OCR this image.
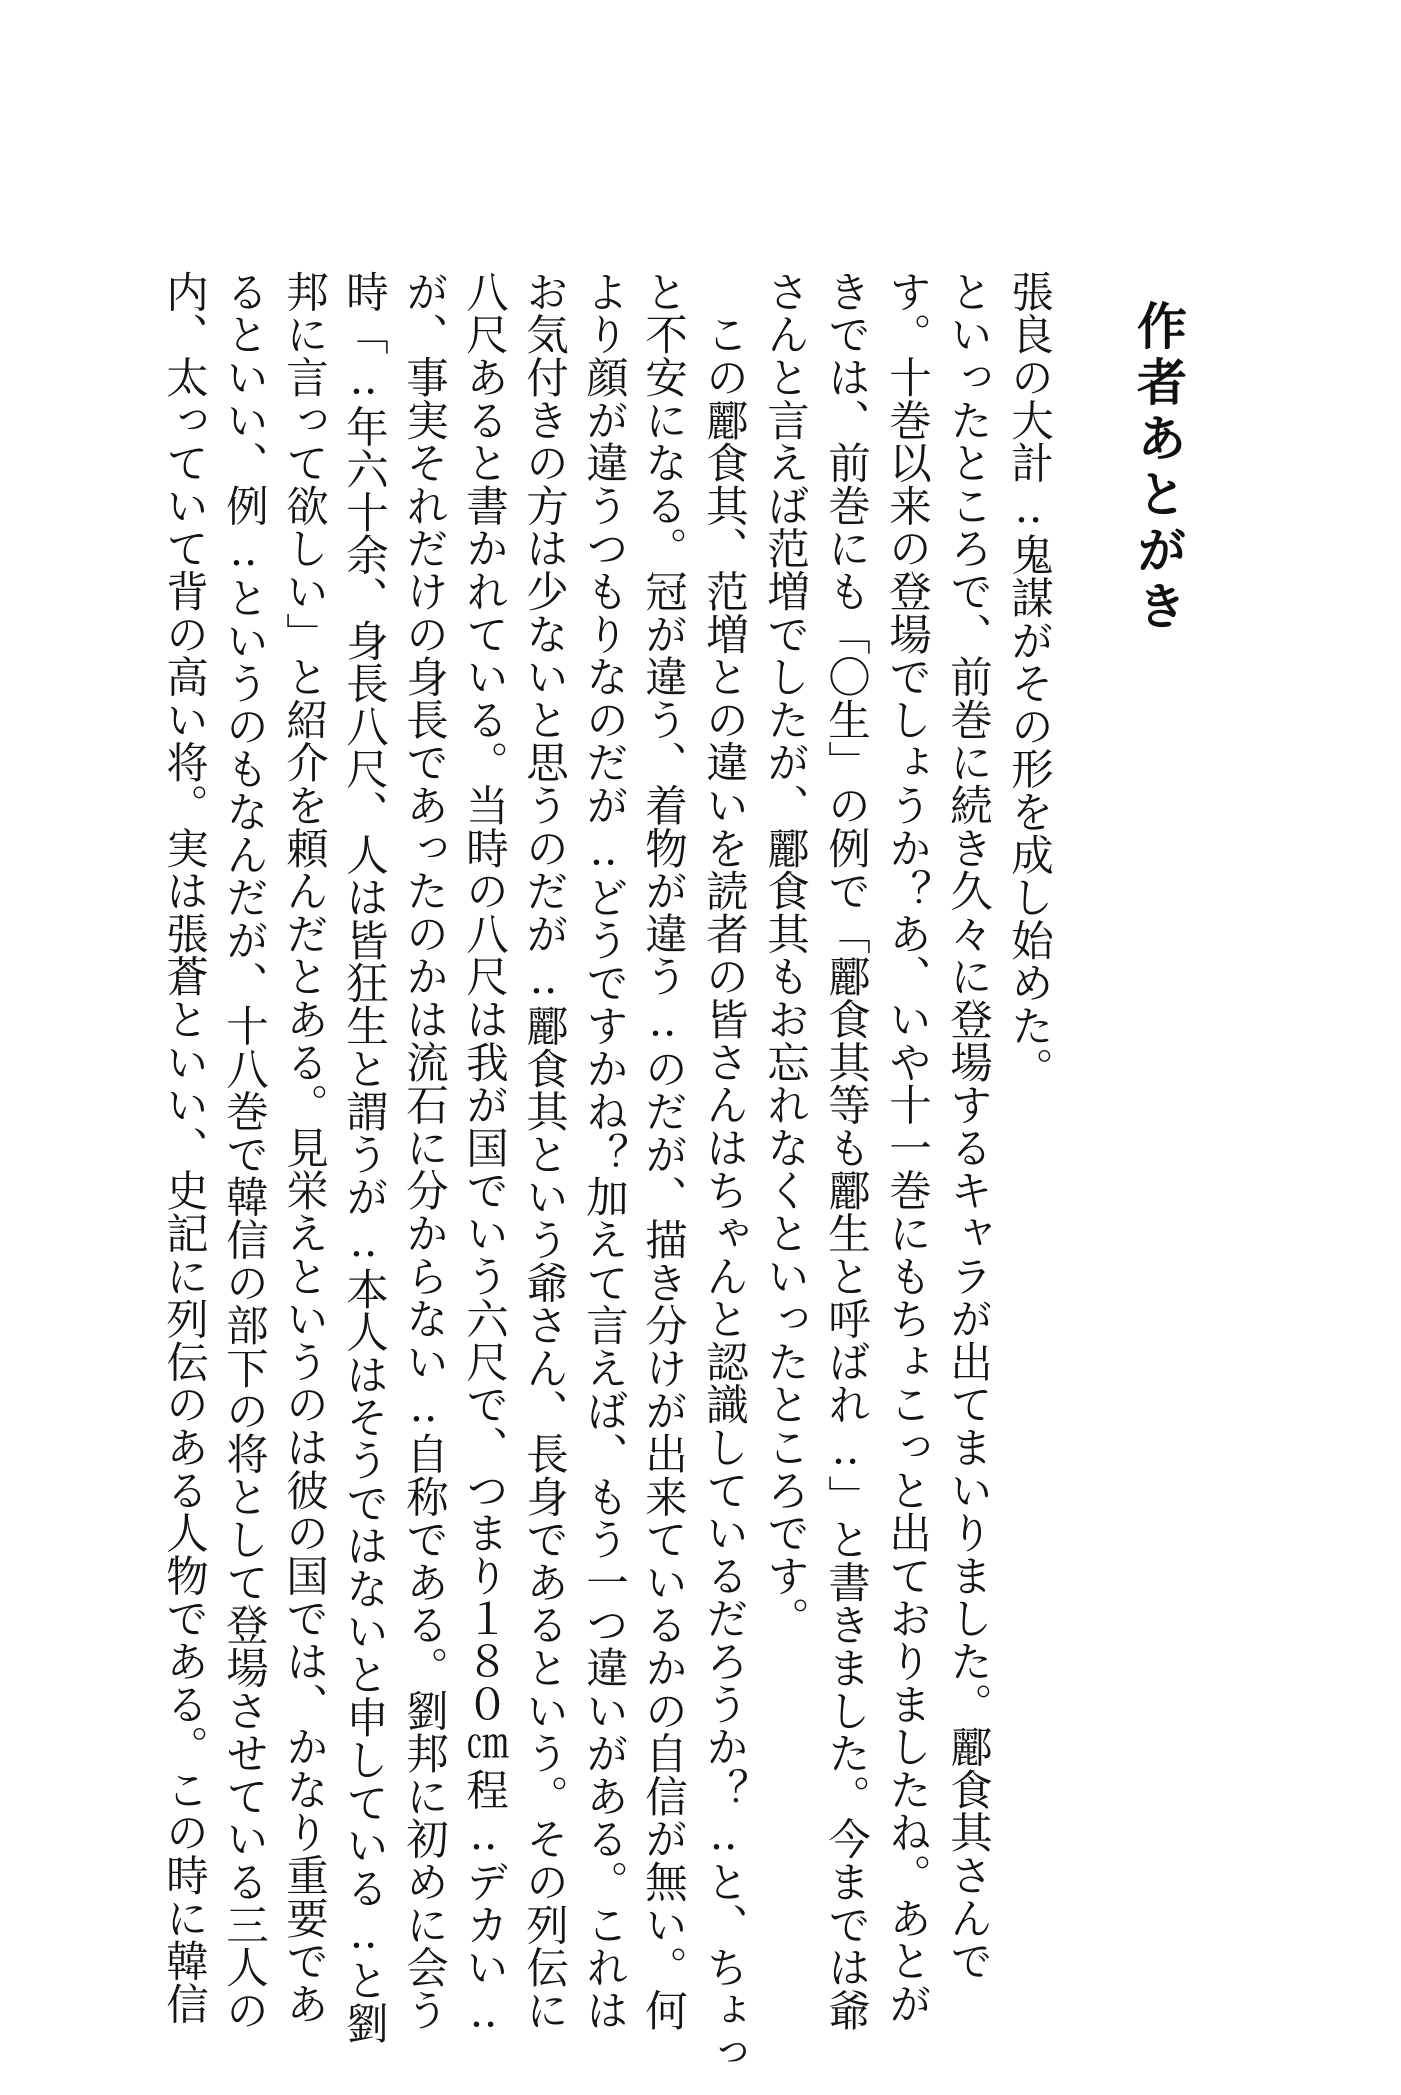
作者あとがき
張良の大計‥鬼謀がその形を成し始めた。
といったところで、前巻に続き久々に登場するキャラが出てまいりました。酈食其さんで
す。十巻以来の登場でしょうか？あ、いや十一巻にもちょこっと出ておりましたね。あとが
きでは、前巻にも「〇生」の例で「酈食其等も酈生と呼ばれ‥」と書きました。今までは爺
さんと言えば范増でしたが、酈食其もお忘れなくといったところです。
　この酈食其、范増との違いを読者の皆さんはちゃんと認識しているだろうか？‥と、ちょっ
と不安になる。冠が違う、着物が違う‥のだが、描き分けが出来ているかの自信が無い。何
より顔が違うつもりなのだが‥どうですかね？加えて言えば、もう一つ違いがある。これは
お気付きの方は少ないと思うのだが‥酈食其という爺さん、長身であるという。その列伝に
八尺あると書かれている。当時の八尺は我が国でいう六尺で、つまり１８０㎝程‥デカい‥
が、事実それだけの身長であったのかは流石に分からない‥自称である。劉邦に初めに会う
時「‥年六十余、身長八尺、人は皆狂生と謂うが‥本人はそうではないと申している‥と劉
邦に言って欲しい」と紹介を頼んだとある。見栄えというのは彼の国では、かなり重要であ
るといい、例‥というのもなんだが、十八巻で韓信の部下の将として登場させている三人の
内、太っていて背の高い将。実は張蒼といい、史記に列伝のある人物である。この時に韓信
